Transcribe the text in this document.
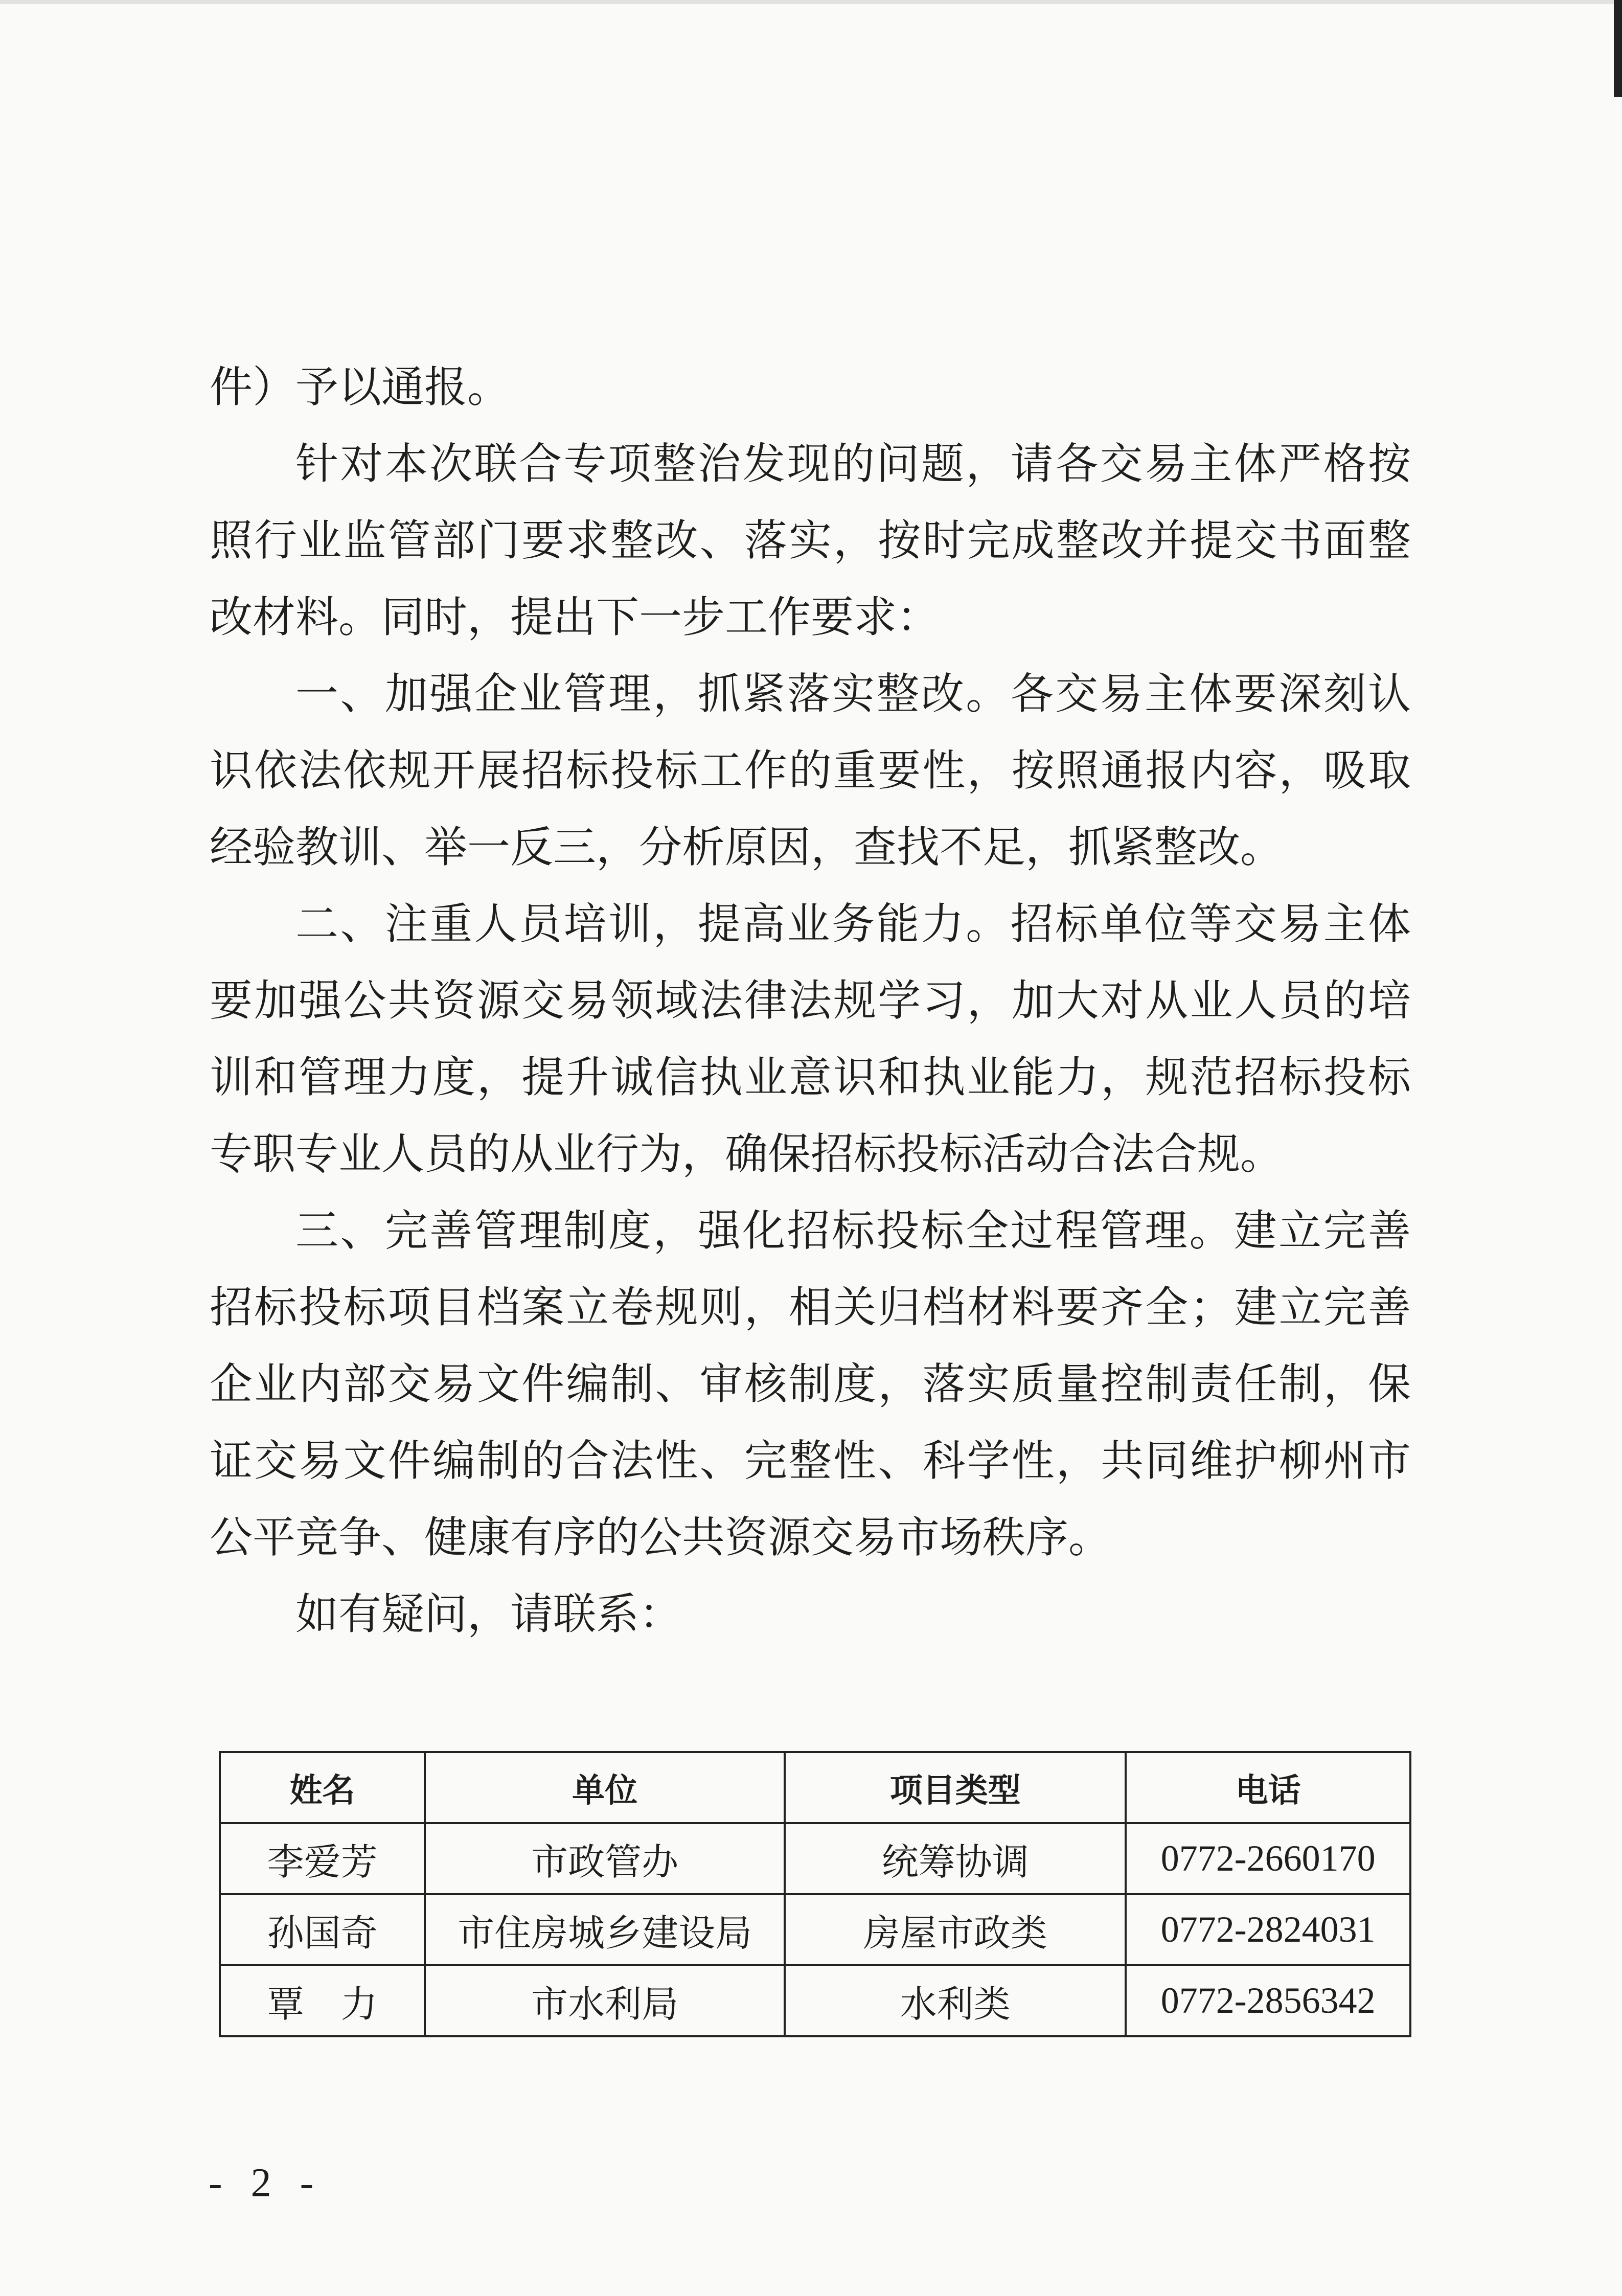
件）予以通报。

针对本次联合专项整治发现的问题，请各交易主体严格按照行业监管部门要求整改、落实，按时完成整改并提交书面整改材料。同时，提出下一步工作要求：

一、加强企业管理，抓紧落实整改。各交易主体要深刻认识依法依规开展招标投标工作的重要性，按照通报内容，吸取经验教训、举一反三，分析原因，查找不足，抓紧整改。

二、注重人员培训，提高业务能力。招标单位等交易主体要加强公共资源交易领域法律法规学习，加大对从业人员的培训和管理力度，提升诚信执业意识和执业能力，规范招标投标专职专业人员的从业行为，确保招标投标活动合法合规。

三、完善管理制度，强化招标投标全过程管理。建立完善招标投标项目档案立卷规则，相关归档材料要齐全；建立完善企业内部交易文件编制、审核制度，落实质量控制责任制，保证交易文件编制的合法性、完整性、科学性，共同维护柳州市公平竞争、健康有序的公共资源交易市场秩序。

如有疑问，请联系：

姓名	单位	项目类型	电话
李爱芳	市政管办	统筹协调	0772-2660170
孙国奇	市住房城乡建设局	房屋市政类	0772-2824031
覃　力	市水利局	水利类	0772-2856342
- 2 -
